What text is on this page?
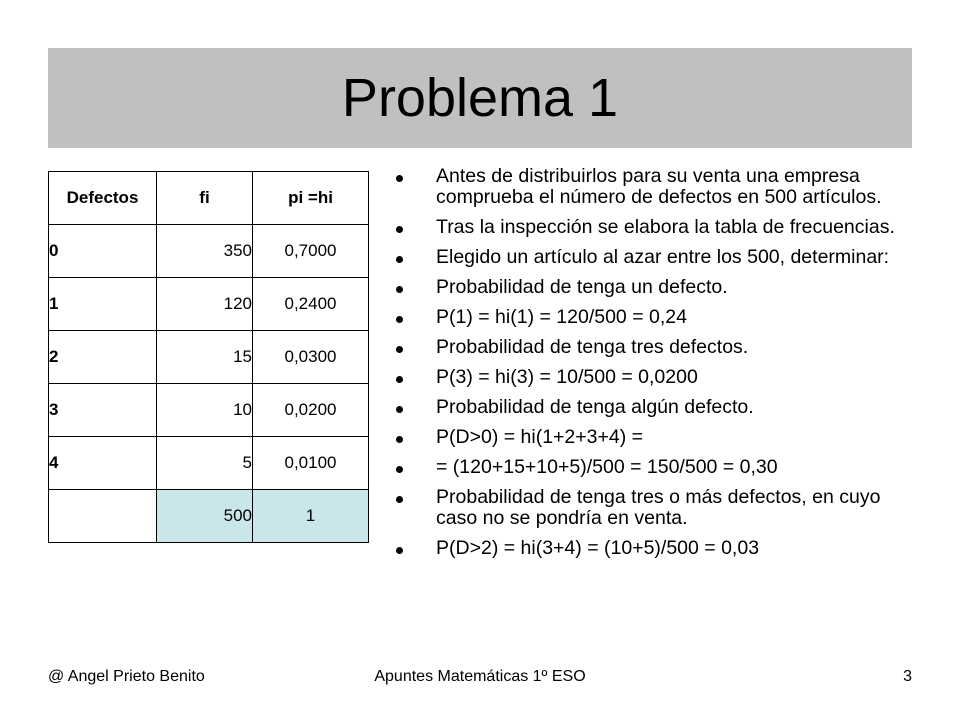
Problema 1
Defectos	fi	pi =hi
0	350	0,7000
1	120	0,2400
2	15	0,0300
3	10	0,0200
4	5	0,0100
	500	1
Antes de distribuirlos para su venta una empresa comprueba el número de defectos en 500 artículos.
Tras la inspección se elabora la tabla de frecuencias.
Elegido un artículo al azar entre los 500, determinar:
Probabilidad de tenga un defecto.
P(1) = hi(1) = 120/500 = 0,24
Probabilidad de tenga tres defectos.
P(3) = hi(3) = 10/500 = 0,0200
Probabilidad de tenga algún defecto.
P(D>0) = hi(1+2+3+4) =
= (120+15+10+5)/500 = 150/500 = 0,30
Probabilidad de tenga tres o más defectos, en cuyo caso no se pondría en venta.
P(D>2) = hi(3+4) = (10+5)/500 = 0,03
@ Angel Prieto Benito	Apuntes Matemáticas 1º ESO	3
